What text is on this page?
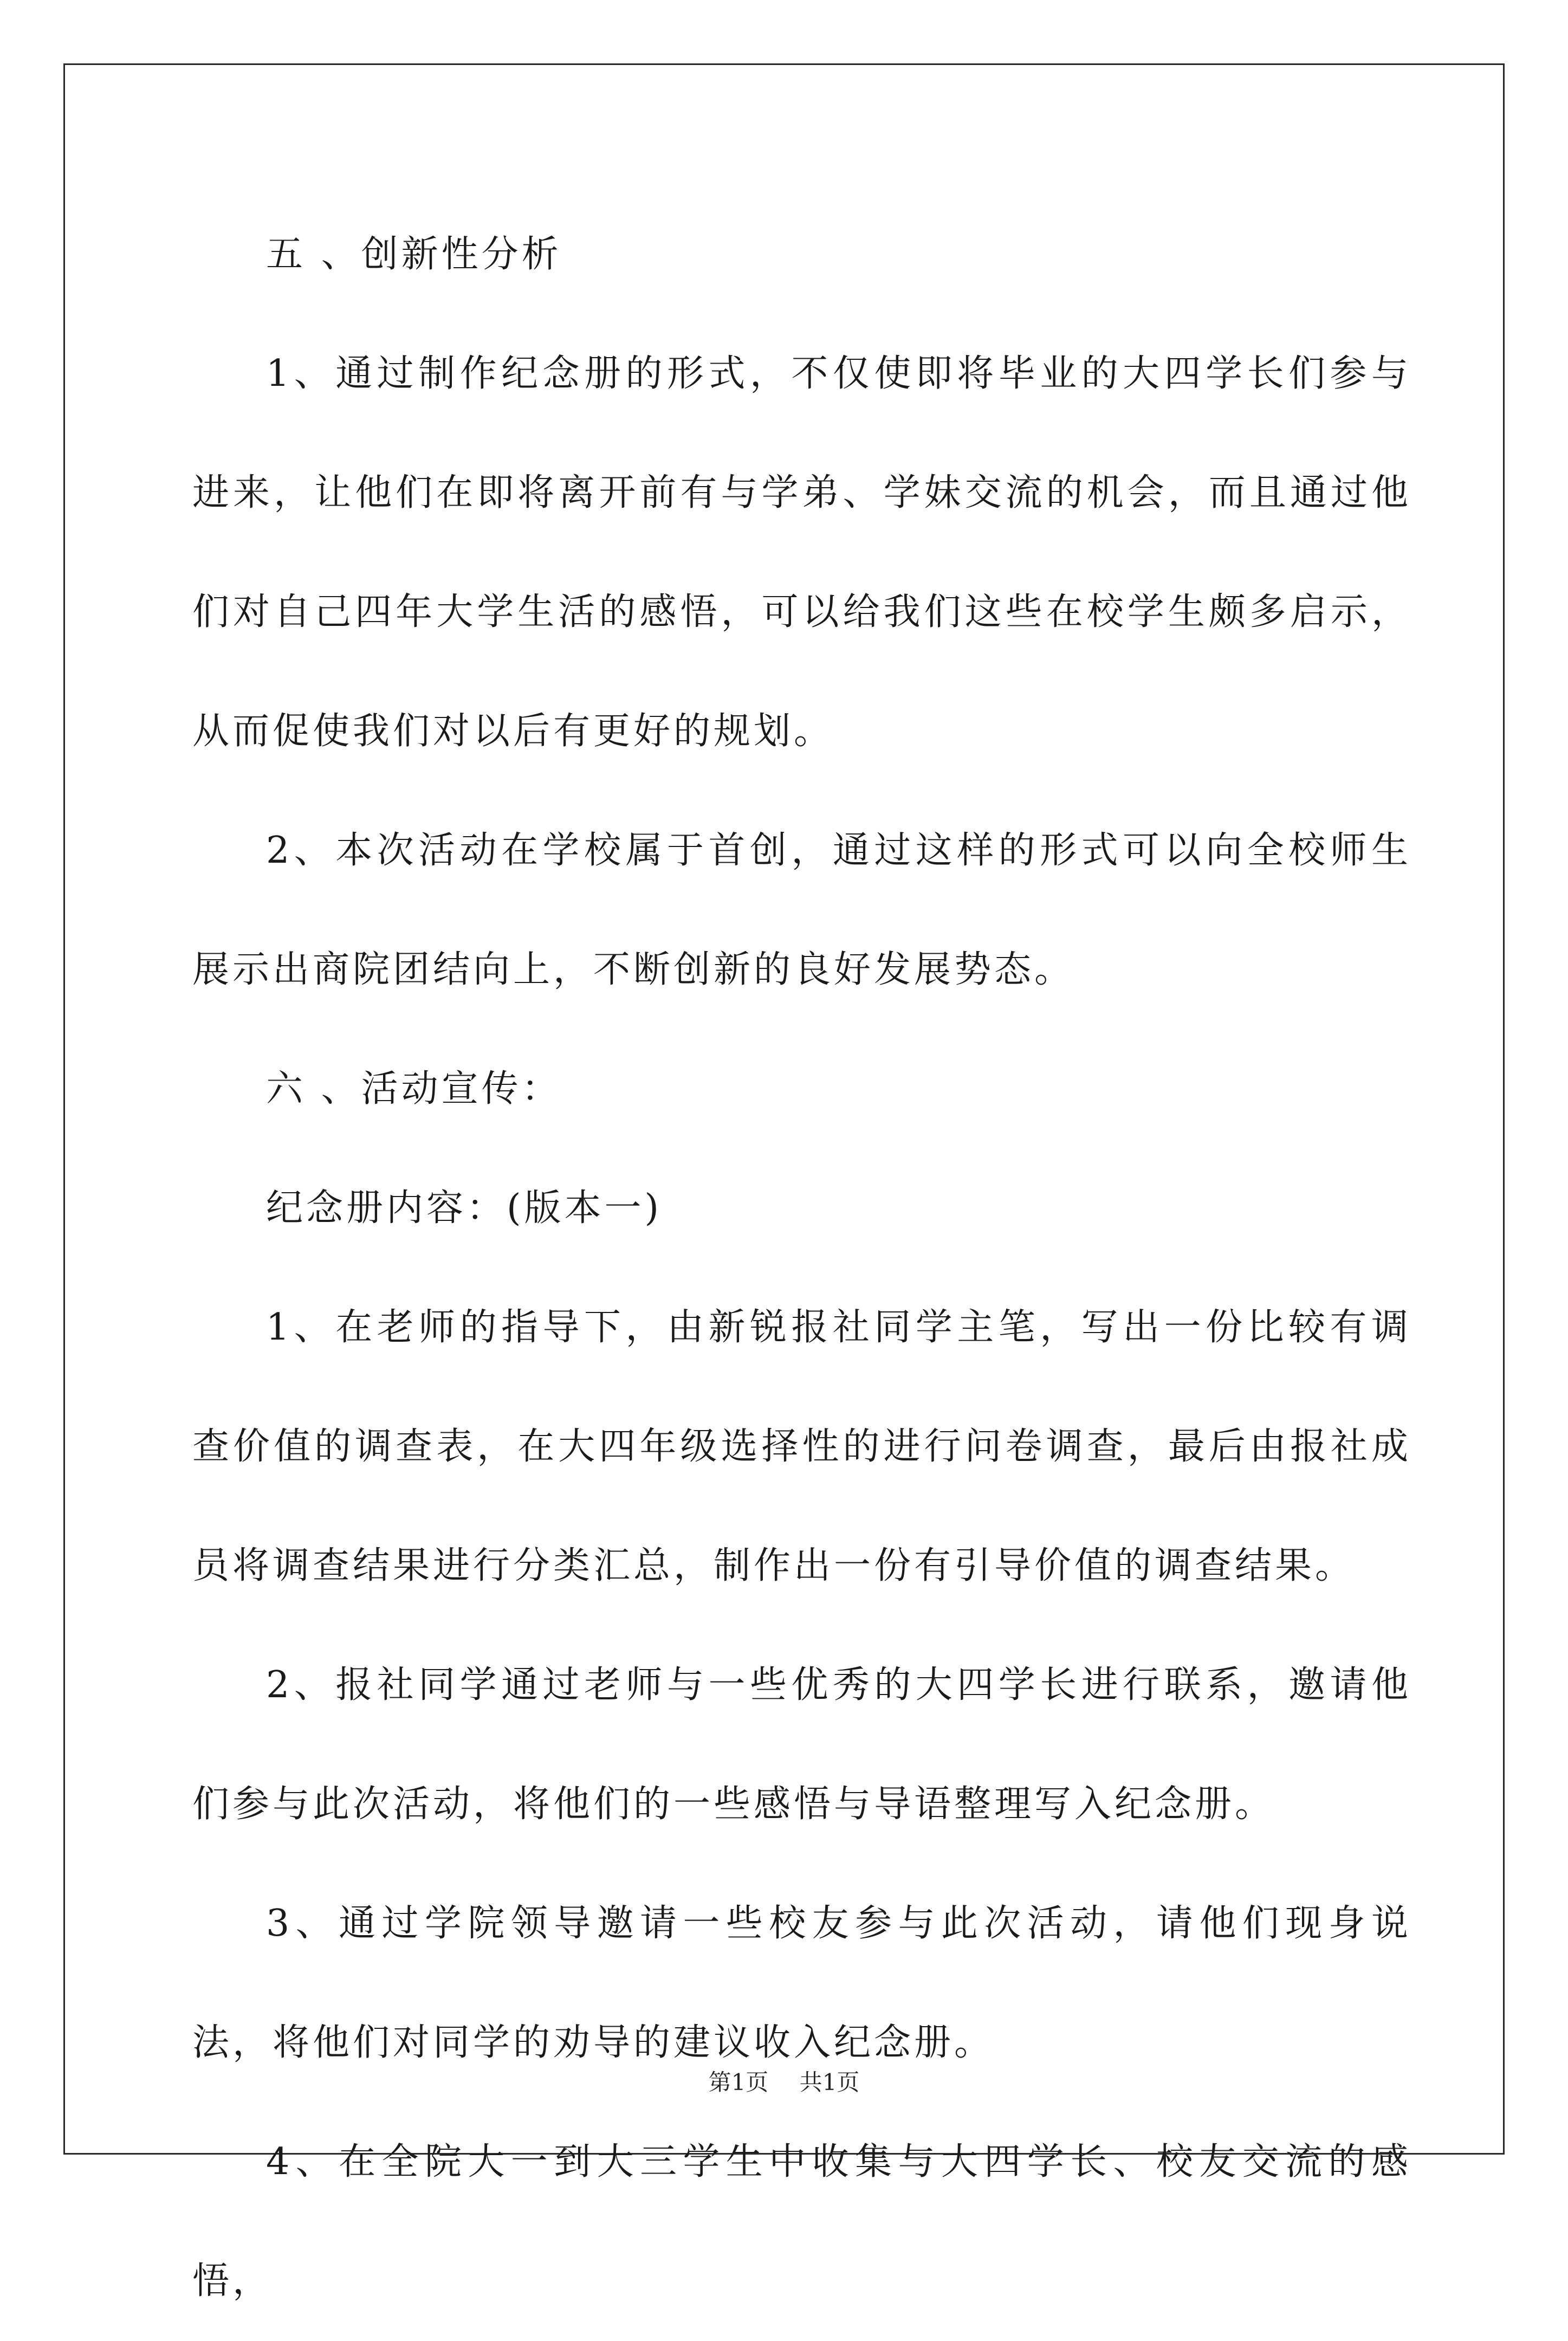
五 、创新性分析

1、通过制作纪念册的形式，不仅使即将毕业的大四学长们参与进来，让他们在即将离开前有与学弟、学妹交流的机会，而且通过他们对自己四年大学生活的感悟，可以给我们这些在校学生颇多启示，从而促使我们对以后有更好的规划。

2、本次活动在学校属于首创，通过这样的形式可以向全校师生展示出商院团结向上，不断创新的良好发展势态。

六 、活动宣传：

纪念册内容：(版本一)

1、在老师的指导下，由新锐报社同学主笔，写出一份比较有调查价值的调查表，在大四年级选择性的进行问卷调查，最后由报社成员将调查结果进行分类汇总，制作出一份有引导价值的调查结果。

2、报社同学通过老师与一些优秀的大四学长进行联系，邀请他们参与此次活动，将他们的一些感悟与导语整理写入纪念册。

3、通过学院领导邀请一些校友参与此次活动，请他们现身说法，将他们对同学的劝导的建议收入纪念册。

4、在全院大一到大三学生中收集与大四学长、校友交流的感悟，

第1页 共1页
